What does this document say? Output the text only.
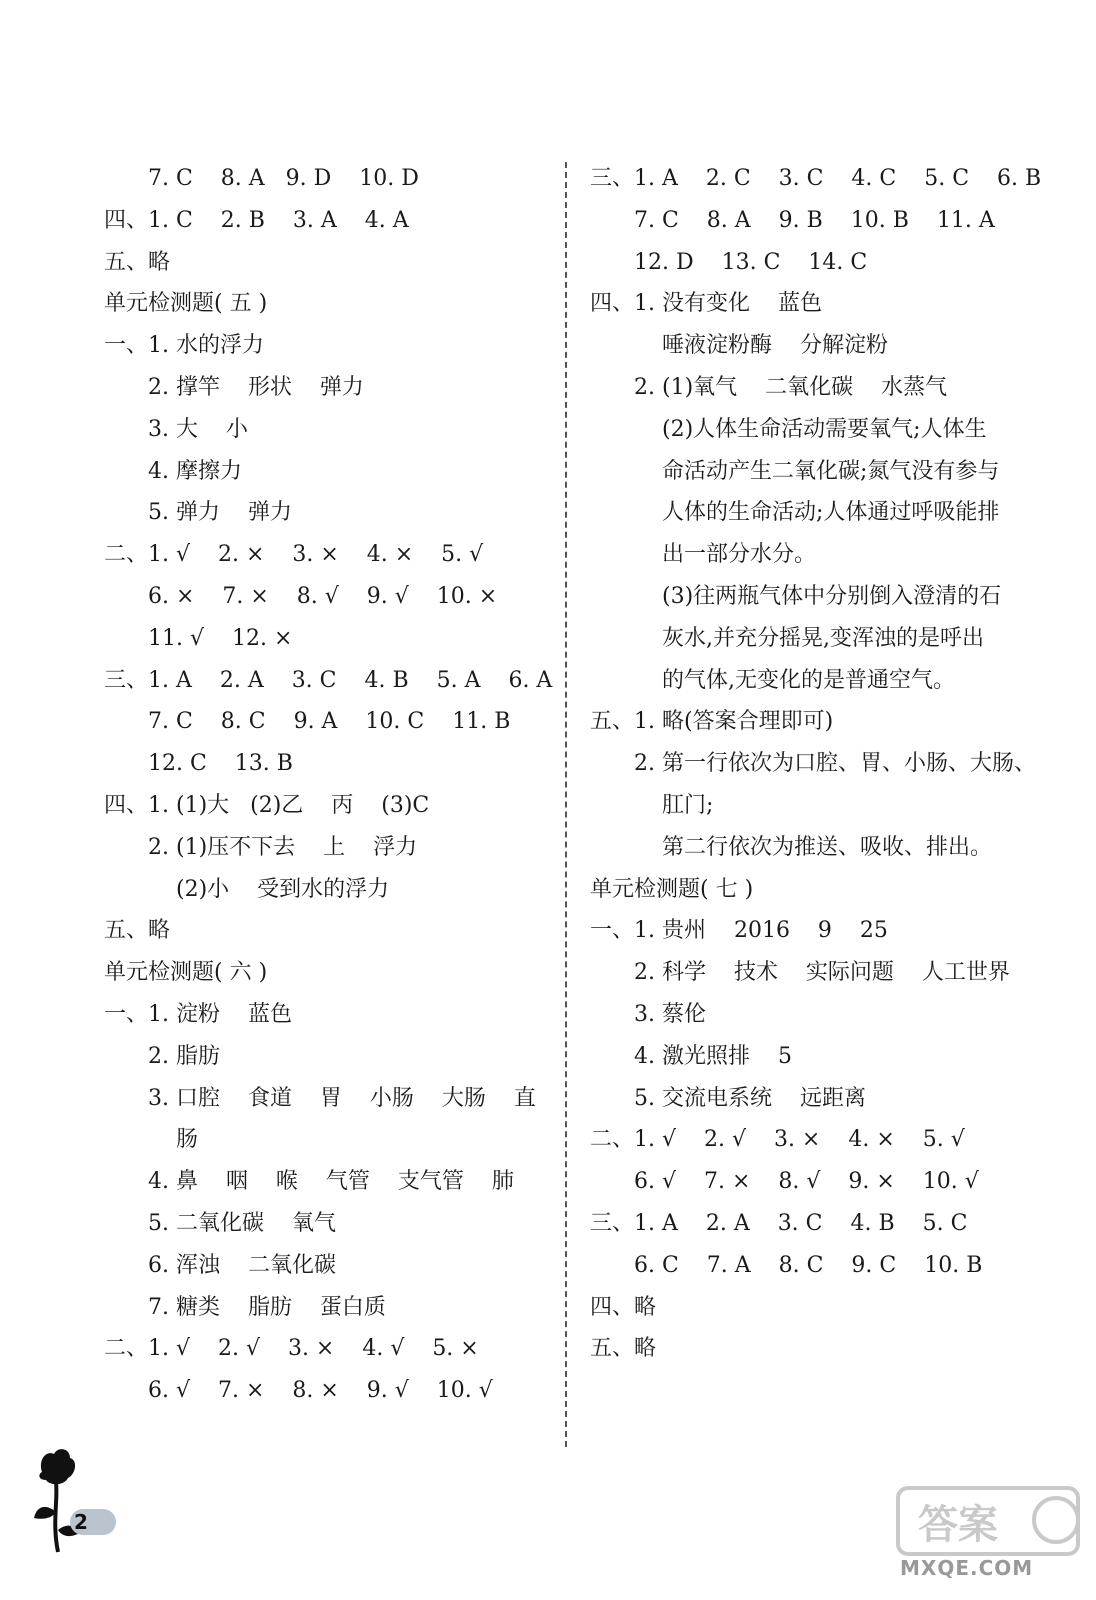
7. C    8. A   9. D    10. D
四、1. C    2. B    3. A    4. A
五、略
单元检测题( 五 )
一、1. 水的浮力
2. 撑竿    形状    弹力
3. 大    小
4. 摩擦力
5. 弹力    弹力
二、1. √    2. ×    3. ×    4. ×    5. √
6. ×    7. ×    8. √    9. √    10. ×
11. √    12. ×
三、1. A    2. A    3. C    4. B    5. A    6. A
7. C    8. C    9. A    10. C    11. B
12. C    13. B
四、1. (1)大   (2)乙    丙    (3)C
2. (1)压不下去    上    浮力
(2)小    受到水的浮力
五、略
单元检测题( 六 )
一、1. 淀粉    蓝色
2. 脂肪
3. 口腔    食道    胃    小肠    大肠    直
肠
4. 鼻    咽    喉    气管    支气管    肺
5. 二氧化碳    氧气
6. 浑浊    二氧化碳
7. 糖类    脂肪    蛋白质
二、1. √    2. √    3. ×    4. √    5. ×
6. √    7. ×    8. ×    9. √    10. √
三、1. A    2. C    3. C    4. C    5. C    6. B
7. C    8. A    9. B    10. B    11. A
12. D    13. C    14. C
四、1. 没有变化    蓝色
唾液淀粉酶    分解淀粉
2. (1)氧气    二氧化碳    水蒸气
(2)人体生命活动需要氧气;人体生
命活动产生二氧化碳;氮气没有参与
人体的生命活动;人体通过呼吸能排
出一部分水分。
(3)往两瓶气体中分别倒入澄清的石
灰水,并充分摇晃,变浑浊的是呼出
的气体,无变化的是普通空气。
五、1. 略(答案合理即可)
2. 第一行依次为口腔、胃、小肠、大肠、
肛门;
第二行依次为推送、吸收、排出。
单元检测题( 七 )
一、1. 贵州    2016    9    25
2. 科学    技术    实际问题    人工世界
3. 蔡伦
4. 激光照排    5
5. 交流电系统    远距离
二、1. √    2. √    3. ×    4. ×    5. √
6. √    7. ×    8. √    9. ×    10. √
三、1. A    2. A    3. C    4. B    5. C
6. C    7. A    8. C    9. C    10. B
四、略
五、略
2	答案
MXQE.COM
